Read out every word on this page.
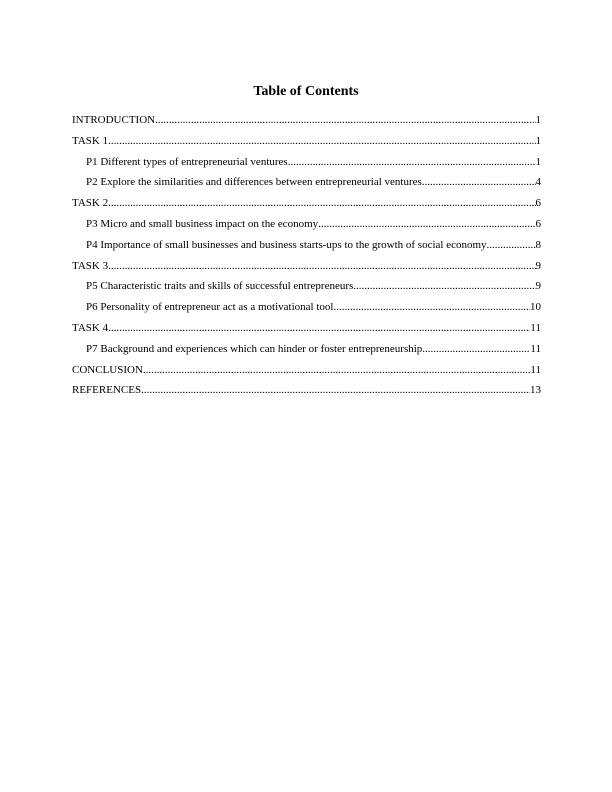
Table of Contents
INTRODUCTION .....	1
TASK 1 .....	1
P1 Different types of entrepreneurial ventures .....	1
P2 Explore the similarities and differences between entrepreneurial ventures .....	4
TASK 2 .....	6
P3 Micro and small business impact on the economy .....	6
P4 Importance of small businesses and business starts-ups to the growth of social economy .....	8
TASK 3 .....	9
P5 Characteristic traits and skills of successful entrepreneurs .....	9
P6 Personality of entrepreneur act as a motivational tool .....	10
TASK 4 .....	11
P7 Background and experiences which can hinder or foster entrepreneurship .....	11
CONCLUSION .....	11
REFERENCES .....	13
